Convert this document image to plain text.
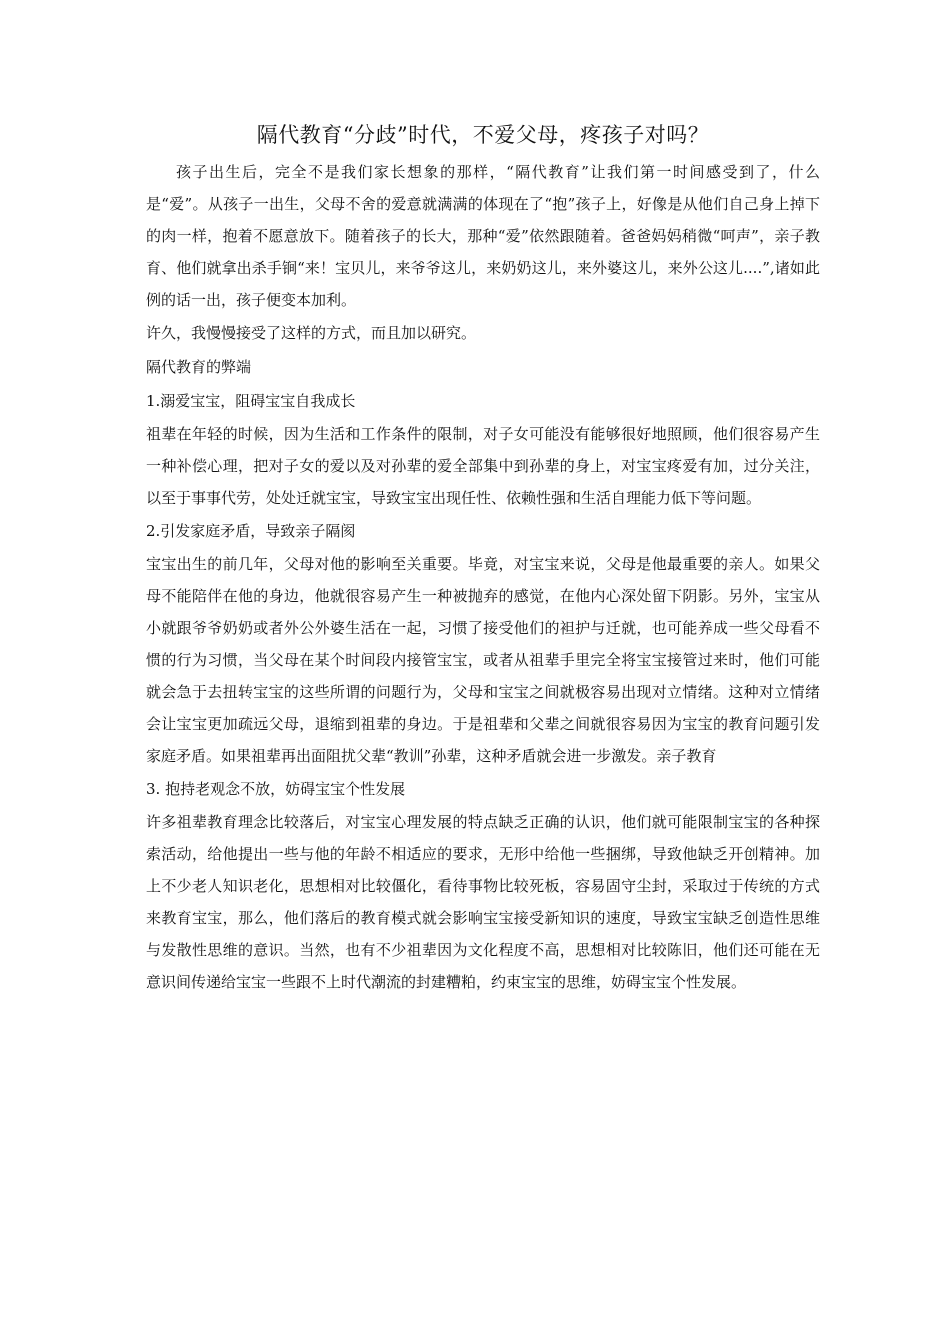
隔代教育“分歧”时代，不爱父母，疼孩子对吗？

孩子出生后，完全不是我们家长想象的那样，“隔代教育”让我们第一时间感受到了，什么是“爱”。从孩子一出生，父母不舍的爱意就满满的体现在了“抱”孩子上，好像是从他们自己身上掉下的肉一样，抱着不愿意放下。随着孩子的长大，那种“爱”依然跟随着。爸爸妈妈稍微“呵声”，亲子教育、他们就拿出杀手锏“来！宝贝儿，来爷爷这儿，来奶奶这儿，来外婆这儿，来外公这儿....”,诸如此例的话一出，孩子便变本加利。

许久，我慢慢接受了这样的方式，而且加以研究。

隔代教育的弊端

1.溺爱宝宝，阻碍宝宝自我成长

祖辈在年轻的时候，因为生活和工作条件的限制，对子女可能没有能够很好地照顾，他们很容易产生一种补偿心理，把对子女的爱以及对孙辈的爱全部集中到孙辈的身上，对宝宝疼爱有加，过分关注，以至于事事代劳，处处迁就宝宝，导致宝宝出现任性、依赖性强和生活自理能力低下等问题。

2.引发家庭矛盾，导致亲子隔阂

宝宝出生的前几年，父母对他的影响至关重要。毕竟，对宝宝来说，父母是他最重要的亲人。如果父母不能陪伴在他的身边，他就很容易产生一种被抛弃的感觉，在他内心深处留下阴影。另外，宝宝从小就跟爷爷奶奶或者外公外婆生活在一起，习惯了接受他们的袒护与迁就，也可能养成一些父母看不惯的行为习惯，当父母在某个时间段内接管宝宝，或者从祖辈手里完全将宝宝接管过来时，他们可能就会急于去扭转宝宝的这些所谓的问题行为，父母和宝宝之间就极容易出现对立情绪。这种对立情绪会让宝宝更加疏远父母，退缩到祖辈的身边。于是祖辈和父辈之间就很容易因为宝宝的教育问题引发家庭矛盾。如果祖辈再出面阻扰父辈“教训”孙辈，这种矛盾就会进一步激发。亲子教育

3. 抱持老观念不放，妨碍宝宝个性发展

许多祖辈教育理念比较落后，对宝宝心理发展的特点缺乏正确的认识，他们就可能限制宝宝的各种探索活动，给他提出一些与他的年龄不相适应的要求，无形中给他一些捆绑，导致他缺乏开创精神。加上不少老人知识老化，思想相对比较僵化，看待事物比较死板，容易固守尘封，采取过于传统的方式来教育宝宝，那么，他们落后的教育模式就会影响宝宝接受新知识的速度，导致宝宝缺乏创造性思维与发散性思维的意识。当然，也有不少祖辈因为文化程度不高，思想相对比较陈旧，他们还可能在无意识间传递给宝宝一些跟不上时代潮流的封建糟粕，约束宝宝的思维，妨碍宝宝个性发展。
